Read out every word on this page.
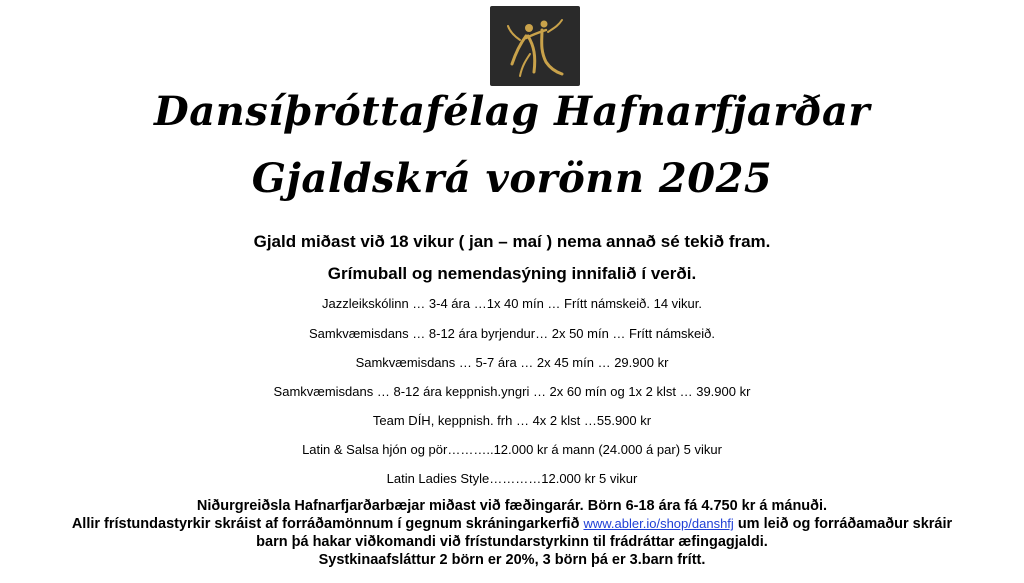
Dansíþróttafélag Hafnarfjarðar
Gjaldskrá vorönn 2025
Gjald miðast við 18 vikur ( jan – maí ) nema annað sé tekið fram.
Grímuball og nemendasýning innifalið í verði.
Jazzleikskólinn … 3-4 ára …1x 40 mín … Frítt námskeið. 14 vikur.
Samkvæmisdans … 8-12 ára byrjendur… 2x 50 mín … Frítt námskeið.
Samkvæmisdans … 5-7 ára … 2x 45 mín … 29.900 kr
Samkvæmisdans … 8-12 ára keppnish.yngri … 2x 60 mín og 1x 2 klst … 39.900 kr
Team DÍH, keppnish. frh … 4x 2 klst …55.900 kr
Latin & Salsa hjón og pör………..12.000 kr á mann (24.000 á par) 5 vikur
Latin Ladies Style…………12.000 kr 5 vikur
Niðurgreiðsla Hafnarfjarðarbæjar miðast við fæðingarár. Börn 6-18 ára fá 4.750 kr á mánuði.
Allir frístundastyrkir skráist af forráðamönnum í gegnum skráningarkerfið www.abler.io/shop/danshfj um leið og forráðamaður skráir
barn þá hakar viðkomandi við frístundarstyrkinn til frádráttar æfingagjaldi.
Systkinaafsláttur 2 börn er 20%, 3 börn þá er 3.barn frítt.
